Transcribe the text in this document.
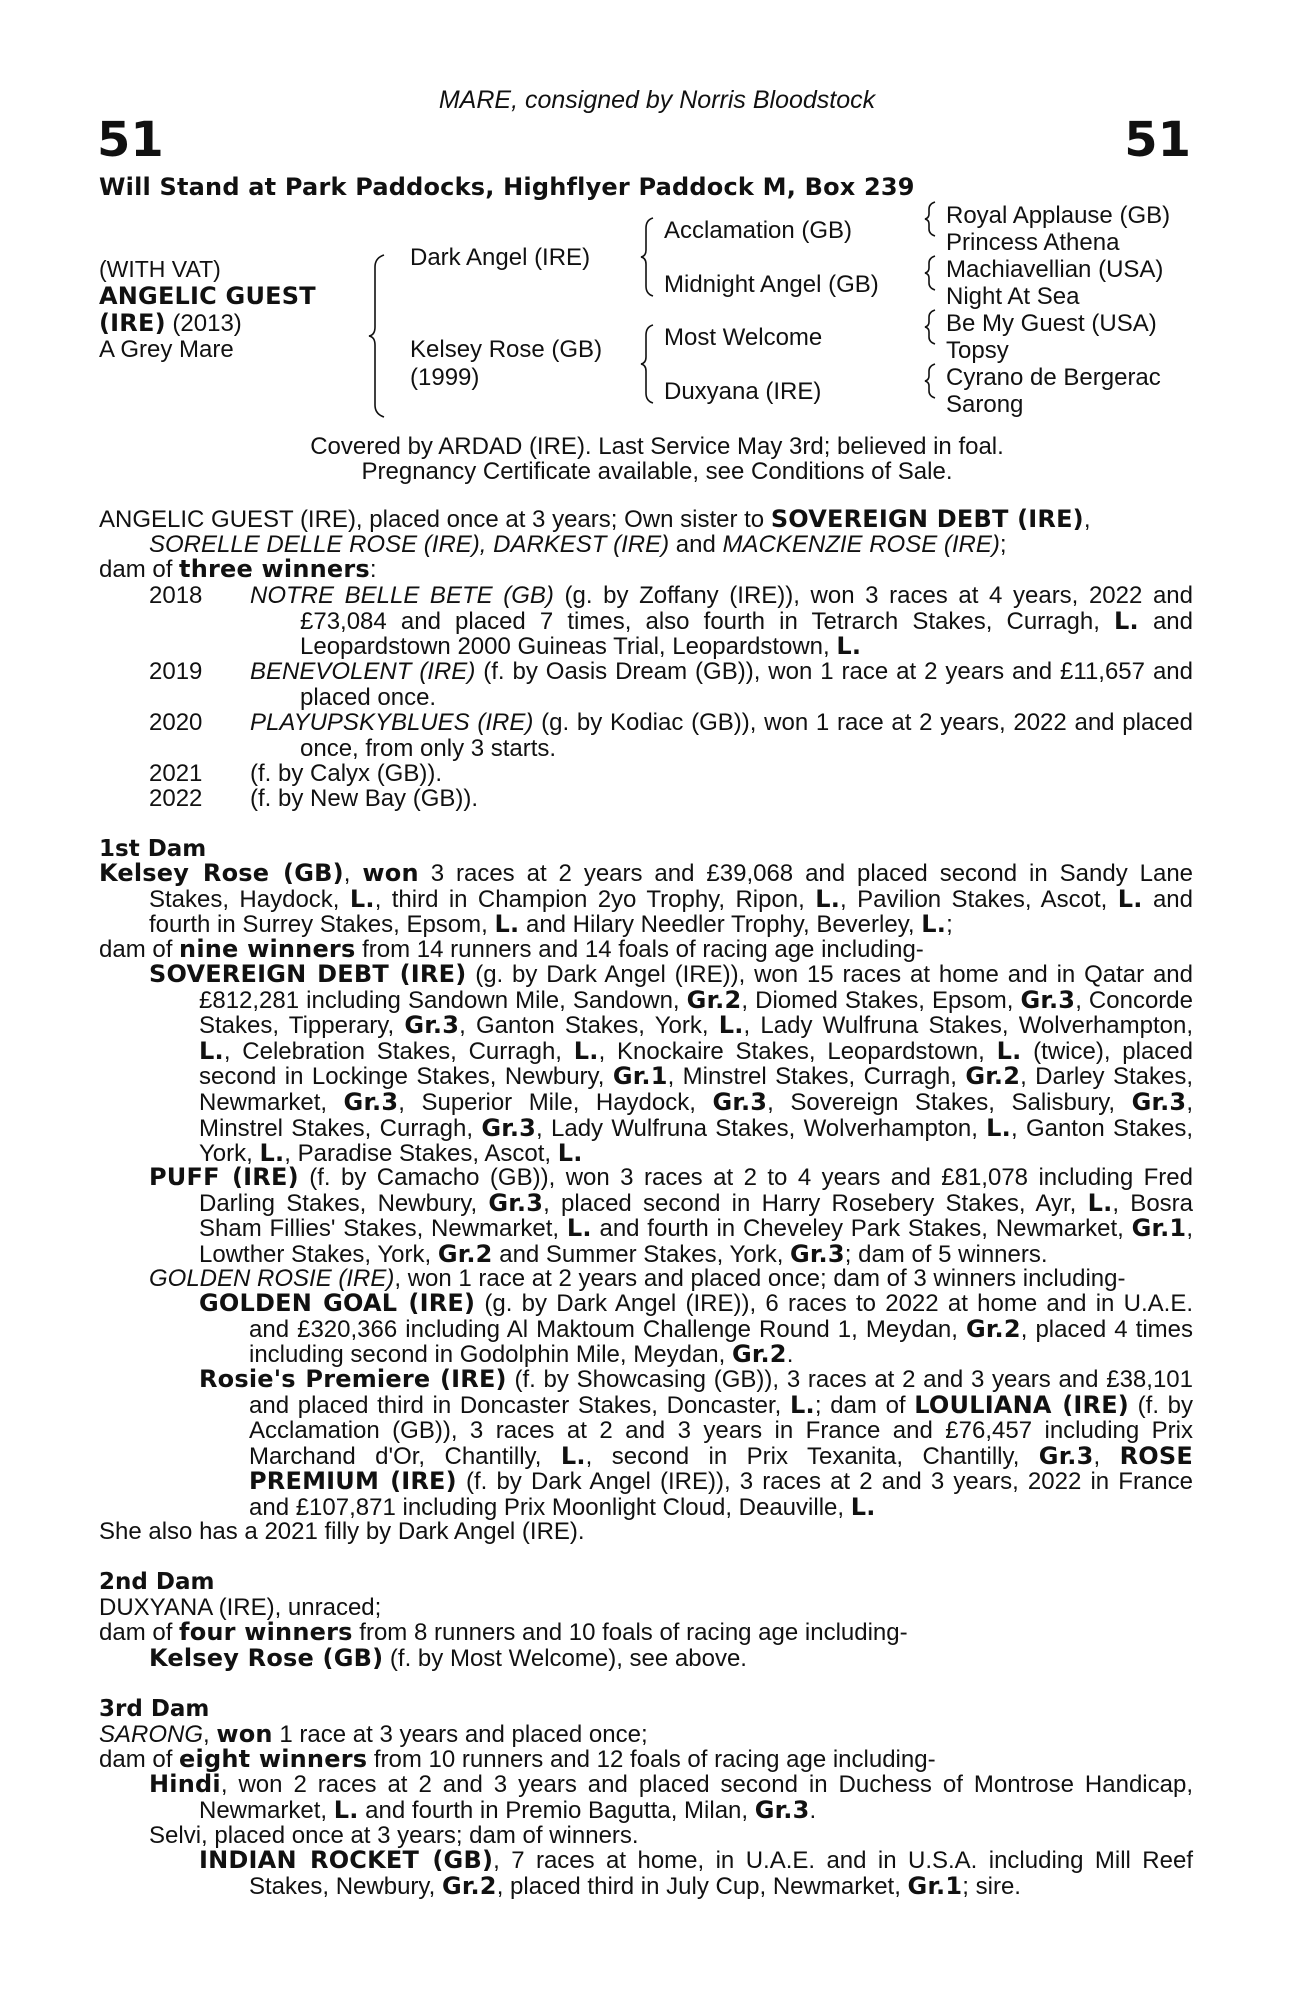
MARE, consigned by Norris Bloodstock
51	51
Will Stand at Park Paddocks, Highflyer Paddock M, Box 239
(WITH VAT)
ANGELIC GUEST
(IRE) (2013)
A Grey Mare
Dark Angel (IRE)
Kelsey Rose (GB)
(1999)
Acclamation (GB)
Midnight Angel (GB)
Most Welcome
Duxyana (IRE)
Royal Applause (GB)
Princess Athena
Machiavellian (USA)
Night At Sea
Be My Guest (USA)
Topsy
Cyrano de Bergerac
Sarong
Covered by ARDAD (IRE). Last Service May 3rd; believed in foal.
Pregnancy Certificate available, see Conditions of Sale.
ANGELIC GUEST (IRE), placed once at 3 years; Own sister to SOVEREIGN DEBT (IRE),
SORELLE DELLE ROSE (IRE), DARKEST (IRE) and MACKENZIE ROSE (IRE);
dam of three winners:
2018 NOTRE BELLE BETE (GB) (g. by Zoffany (IRE)), won 3 races at 4 years, 2022 and £73,084 and placed 7 times, also fourth in Tetrarch Stakes, Curragh, L. and Leopardstown 2000 Guineas Trial, Leopardstown, L.
2019 BENEVOLENT (IRE) (f. by Oasis Dream (GB)), won 1 race at 2 years and £11,657 and placed once.
2020 PLAYUPSKYBLUES (IRE) (g. by Kodiac (GB)), won 1 race at 2 years, 2022 and placed once, from only 3 starts.
2021 (f. by Calyx (GB)).
2022 (f. by New Bay (GB)).
1st Dam
Kelsey Rose (GB), won 3 races at 2 years and £39,068 and placed second in Sandy Lane Stakes, Haydock, L., third in Champion 2yo Trophy, Ripon, L., Pavilion Stakes, Ascot, L. and fourth in Surrey Stakes, Epsom, L. and Hilary Needler Trophy, Beverley, L.;
dam of nine winners from 14 runners and 14 foals of racing age including-
SOVEREIGN DEBT (IRE) (g. by Dark Angel (IRE)), won 15 races at home and in Qatar and £812,281 including Sandown Mile, Sandown, Gr.2, Diomed Stakes, Epsom, Gr.3, Concorde Stakes, Tipperary, Gr.3, Ganton Stakes, York, L., Lady Wulfruna Stakes, Wolverhampton, L., Celebration Stakes, Curragh, L., Knockaire Stakes, Leopardstown, L. (twice), placed second in Lockinge Stakes, Newbury, Gr.1, Minstrel Stakes, Curragh, Gr.2, Darley Stakes, Newmarket, Gr.3, Superior Mile, Haydock, Gr.3, Sovereign Stakes, Salisbury, Gr.3, Minstrel Stakes, Curragh, Gr.3, Lady Wulfruna Stakes, Wolverhampton, L., Ganton Stakes, York, L., Paradise Stakes, Ascot, L.
PUFF (IRE) (f. by Camacho (GB)), won 3 races at 2 to 4 years and £81,078 including Fred Darling Stakes, Newbury, Gr.3, placed second in Harry Rosebery Stakes, Ayr, L., Bosra Sham Fillies' Stakes, Newmarket, L. and fourth in Cheveley Park Stakes, Newmarket, Gr.1, Lowther Stakes, York, Gr.2 and Summer Stakes, York, Gr.3; dam of 5 winners.
GOLDEN ROSIE (IRE), won 1 race at 2 years and placed once; dam of 3 winners including-
GOLDEN GOAL (IRE) (g. by Dark Angel (IRE)), 6 races to 2022 at home and in U.A.E. and £320,366 including Al Maktoum Challenge Round 1, Meydan, Gr.2, placed 4 times including second in Godolphin Mile, Meydan, Gr.2.
Rosie's Premiere (IRE) (f. by Showcasing (GB)), 3 races at 2 and 3 years and £38,101 and placed third in Doncaster Stakes, Doncaster, L.; dam of LOULIANA (IRE) (f. by Acclamation (GB)), 3 races at 2 and 3 years in France and £76,457 including Prix Marchand d'Or, Chantilly, L., second in Prix Texanita, Chantilly, Gr.3, ROSE PREMIUM (IRE) (f. by Dark Angel (IRE)), 3 races at 2 and 3 years, 2022 in France and £107,871 including Prix Moonlight Cloud, Deauville, L.
She also has a 2021 filly by Dark Angel (IRE).
2nd Dam
DUXYANA (IRE), unraced;
dam of four winners from 8 runners and 10 foals of racing age including-
Kelsey Rose (GB) (f. by Most Welcome), see above.
3rd Dam
SARONG, won 1 race at 3 years and placed once;
dam of eight winners from 10 runners and 12 foals of racing age including-
Hindi, won 2 races at 2 and 3 years and placed second in Duchess of Montrose Handicap, Newmarket, L. and fourth in Premio Bagutta, Milan, Gr.3.
Selvi, placed once at 3 years; dam of winners.
INDIAN ROCKET (GB), 7 races at home, in U.A.E. and in U.S.A. including Mill Reef Stakes, Newbury, Gr.2, placed third in July Cup, Newmarket, Gr.1; sire.
